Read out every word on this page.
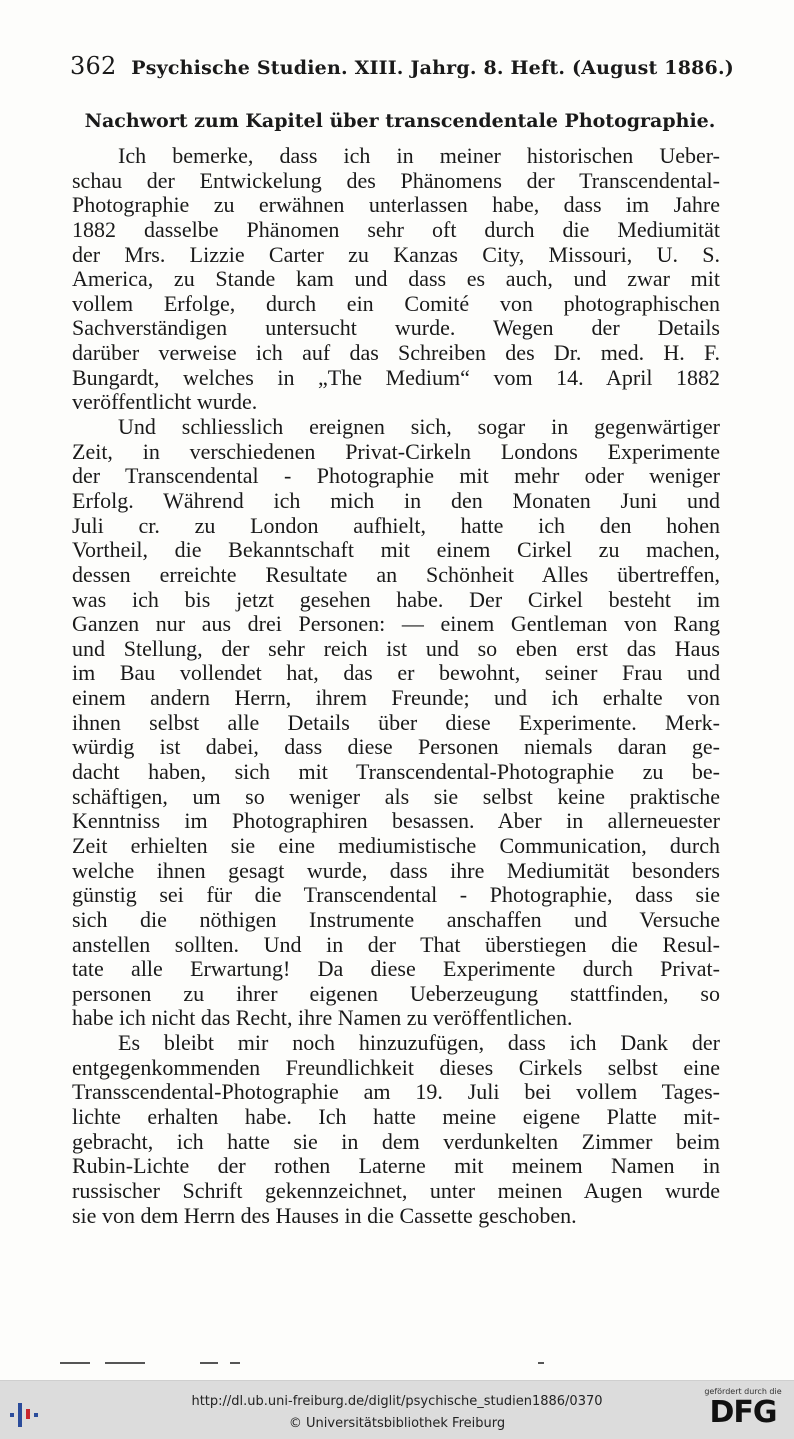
362 Psychische Studien. XIII. Jahrg. 8. Heft. (August 1886.)
Nachwort zum Kapitel über transcendentale Photographie.
Ich bemerke, dass ich in meiner historischen Ueber-
schau der Entwickelung des Phänomens der Transcendental-
Photographie zu erwähnen unterlassen habe, dass im Jahre
1882 dasselbe Phänomen sehr oft durch die Mediumität
der Mrs. Lizzie Carter zu Kanzas City, Missouri, U. S.
America, zu Stande kam und dass es auch, und zwar mit
vollem Erfolge, durch ein Comité von photographischen
Sachverständigen untersucht wurde. Wegen der Details
darüber verweise ich auf das Schreiben des Dr. med. H. F.
Bungardt, welches in „The Medium“ vom 14. April 1882
veröffentlicht wurde.
Und schliesslich ereignen sich, sogar in gegenwärtiger
Zeit, in verschiedenen Privat-Cirkeln Londons Experimente
der Transcendental - Photographie mit mehr oder weniger
Erfolg. Während ich mich in den Monaten Juni und
Juli cr. zu London aufhielt, hatte ich den hohen
Vortheil, die Bekanntschaft mit einem Cirkel zu machen,
dessen erreichte Resultate an Schönheit Alles übertreffen,
was ich bis jetzt gesehen habe. Der Cirkel besteht im
Ganzen nur aus drei Personen: — einem Gentleman von Rang
und Stellung, der sehr reich ist und so eben erst das Haus
im Bau vollendet hat, das er bewohnt, seiner Frau und
einem andern Herrn, ihrem Freunde; und ich erhalte von
ihnen selbst alle Details über diese Experimente. Merk-
würdig ist dabei, dass diese Personen niemals daran ge-
dacht haben, sich mit Transcendental-Photographie zu be-
schäftigen, um so weniger als sie selbst keine praktische
Kenntniss im Photographiren besassen. Aber in allerneuester
Zeit erhielten sie eine mediumistische Communication, durch
welche ihnen gesagt wurde, dass ihre Mediumität besonders
günstig sei für die Transcendental - Photographie, dass sie
sich die nöthigen Instrumente anschaffen und Versuche
anstellen sollten. Und in der That überstiegen die Resul-
tate alle Erwartung! Da diese Experimente durch Privat-
personen zu ihrer eigenen Ueberzeugung stattfinden, so
habe ich nicht das Recht, ihre Namen zu veröffentlichen.
Es bleibt mir noch hinzuzufügen, dass ich Dank der
entgegenkommenden Freundlichkeit dieses Cirkels selbst eine
Transscendental-Photographie am 19. Juli bei vollem Tages-
lichte erhalten habe. Ich hatte meine eigene Platte mit-
gebracht, ich hatte sie in dem verdunkelten Zimmer beim
Rubin-Lichte der rothen Laterne mit meinem Namen in
russischer Schrift gekennzeichnet, unter meinen Augen wurde
sie von dem Herrn des Hauses in die Cassette geschoben.
http://dl.ub.uni-freiburg.de/diglit/psychische_studien1886/0370
© Universitätsbibliothek Freiburg
gefördert durch die
DFG
